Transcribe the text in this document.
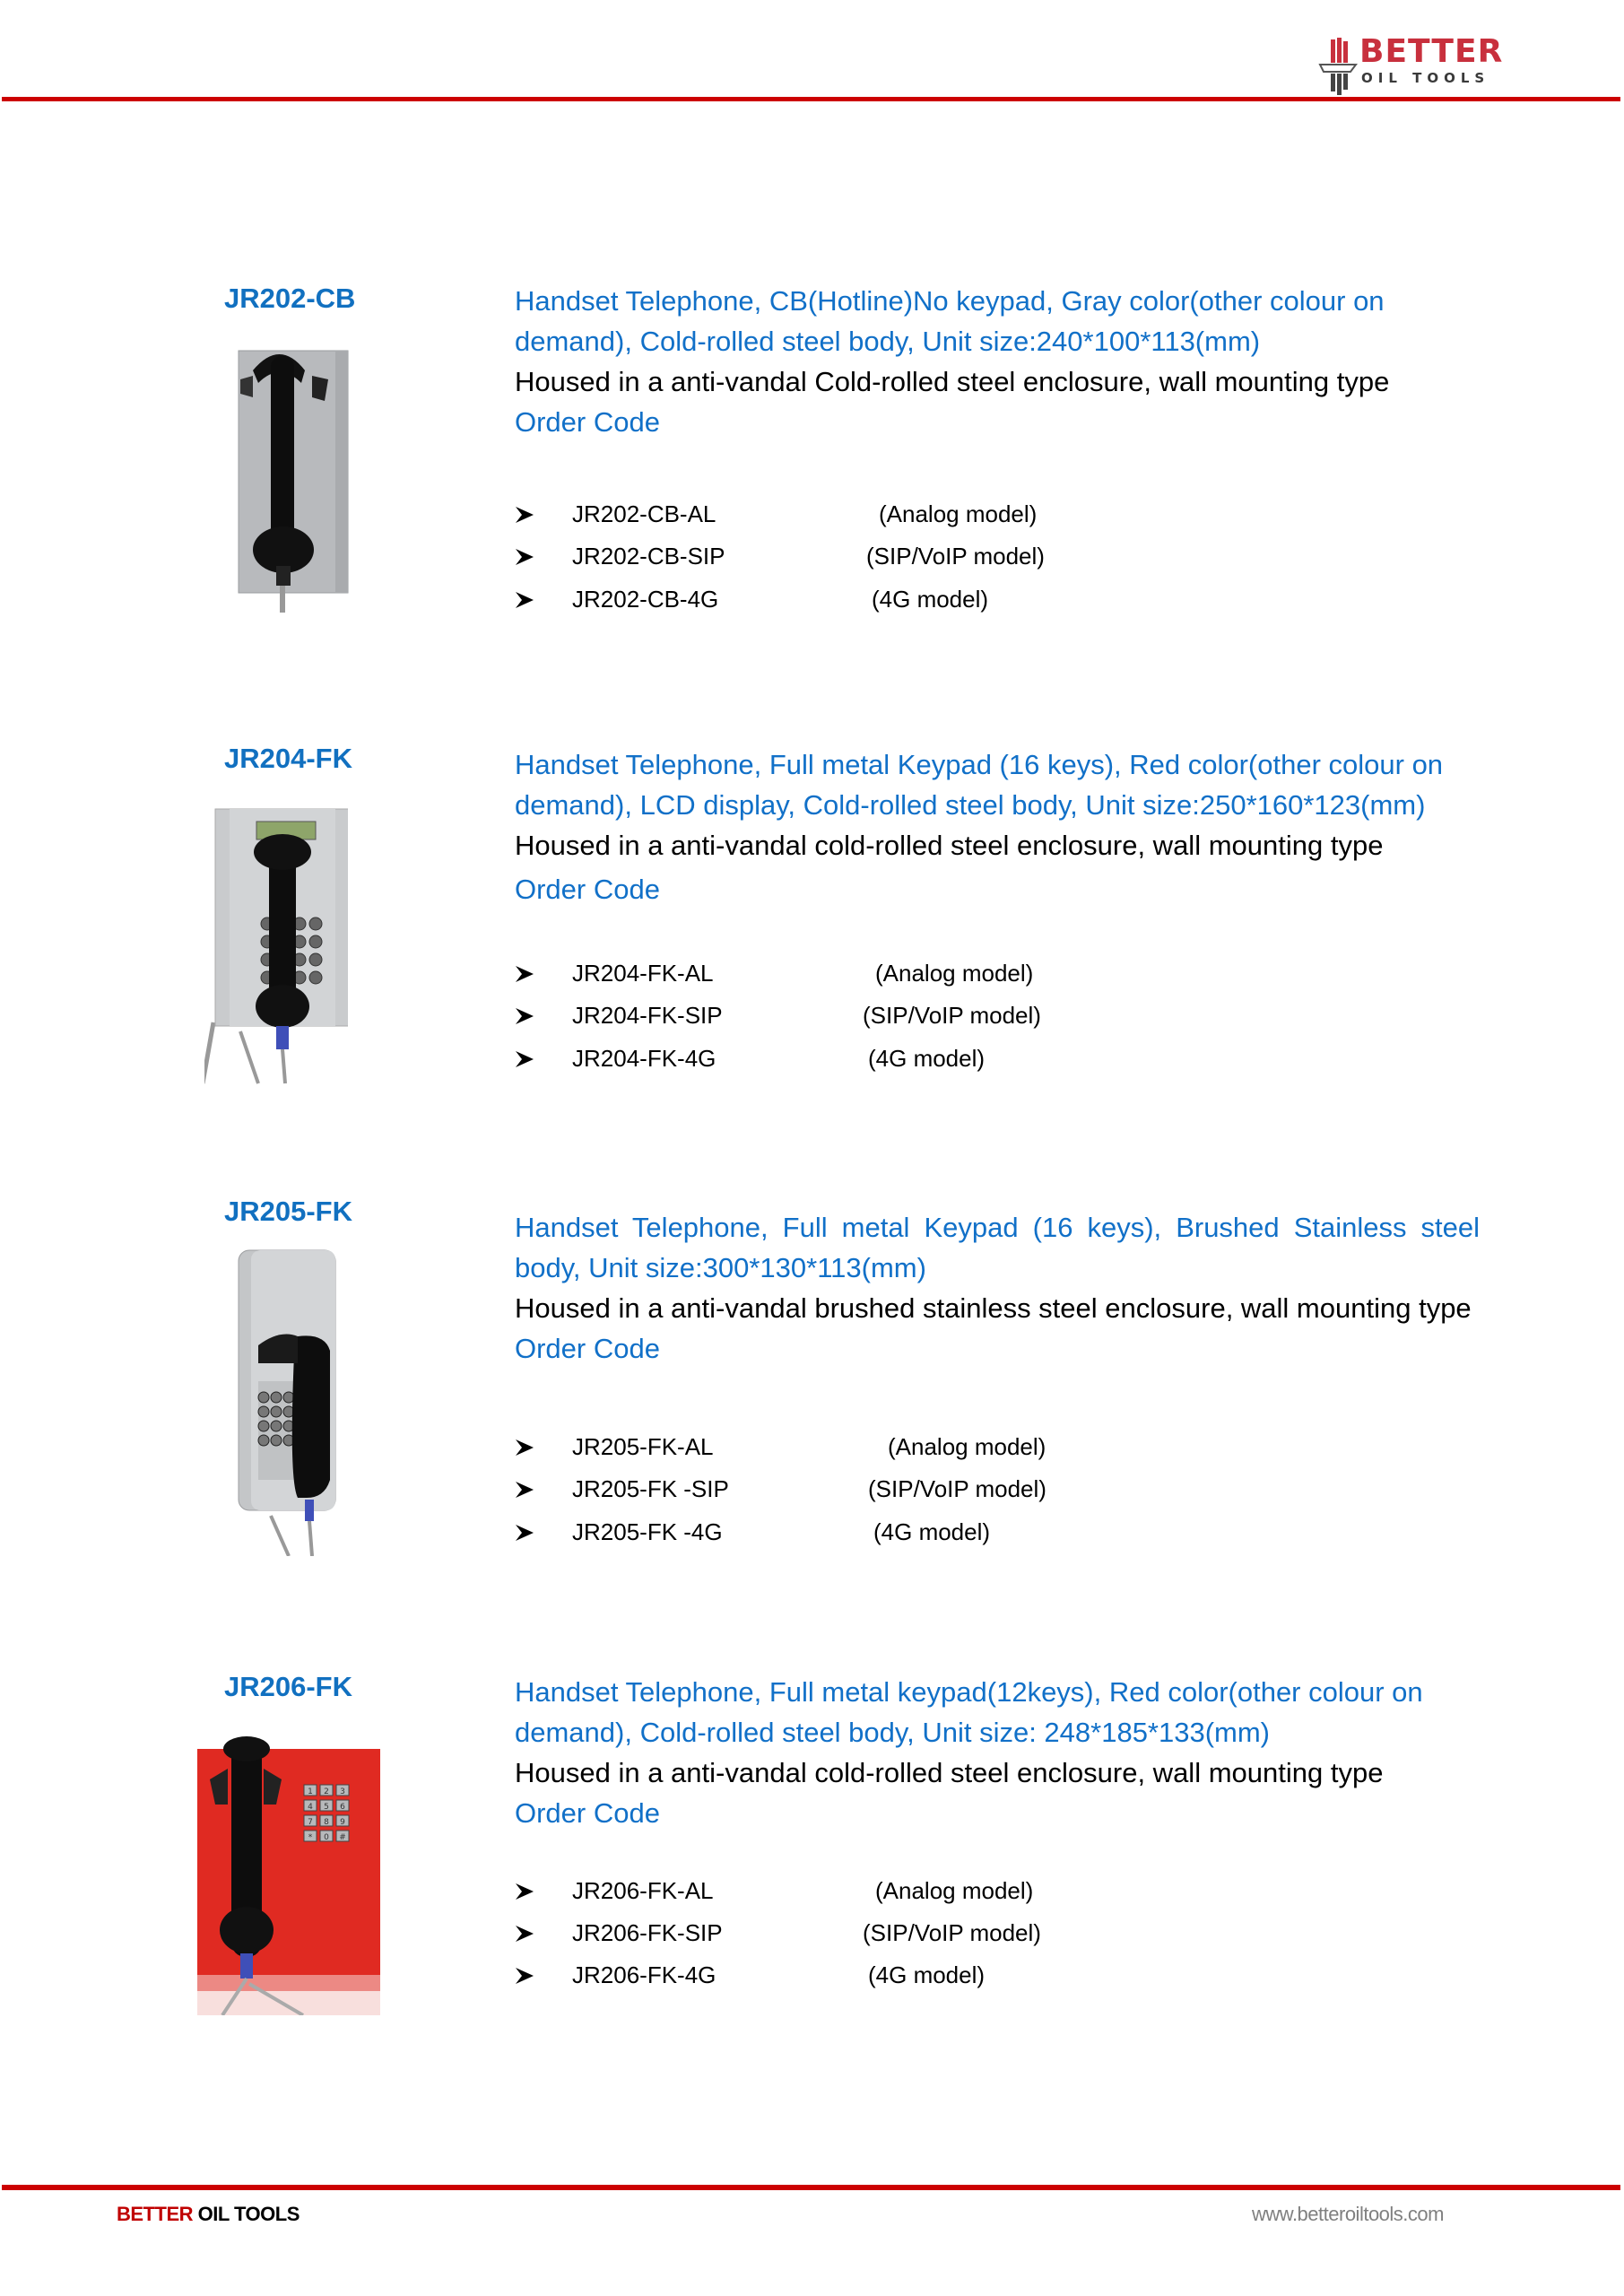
BETTER
OIL TOOLS
JR202-CB	Handset Telephone, CB(Hotline)No keypad, Gray color(other colour on demand), Cold-rolled steel body, Unit size:240*100*113(mm)
Housed in a anti-vandal Cold-rolled steel enclosure, wall mounting type
Order Code
JR202-CB-AL	(Analog model)
JR202-CB-SIP	(SIP/VoIP model)
JR202-CB-4G	(4G model)
JR204-FK	Handset Telephone, Full metal Keypad (16 keys), Red color(other colour on demand), LCD display, Cold-rolled steel body, Unit size:250*160*123(mm)
Housed in a anti-vandal cold-rolled steel enclosure, wall mounting type
Order Code
JR204-FK-AL	(Analog model)
JR204-FK-SIP	(SIP/VoIP model)
JR204-FK-4G	(4G model)
JR205-FK
Handset Telephone, Full metal Keypad (16 keys), Brushed Stainless steel body, Unit size:300*130*113(mm)
Housed in a anti-vandal brushed stainless steel enclosure, wall mounting type
Order Code
JR205-FK-AL	(Analog model)
JR205-FK -SIP	(SIP/VoIP model)
JR205-FK -4G	(4G model)
JR206-FK
1 2 3
4 5 6
7 8 9
* 0 #
Handset Telephone, Full metal keypad(12keys), Red color(other colour on demand), Cold-rolled steel body, Unit size: 248*185*133(mm)
Housed in a anti-vandal cold-rolled steel enclosure, wall mounting type
Order Code
JR206-FK-AL	(Analog model)
JR206-FK-SIP	(SIP/VoIP model)
JR206-FK-4G	(4G model)
BETTER OIL TOOLS	www.betteroiltools.com
